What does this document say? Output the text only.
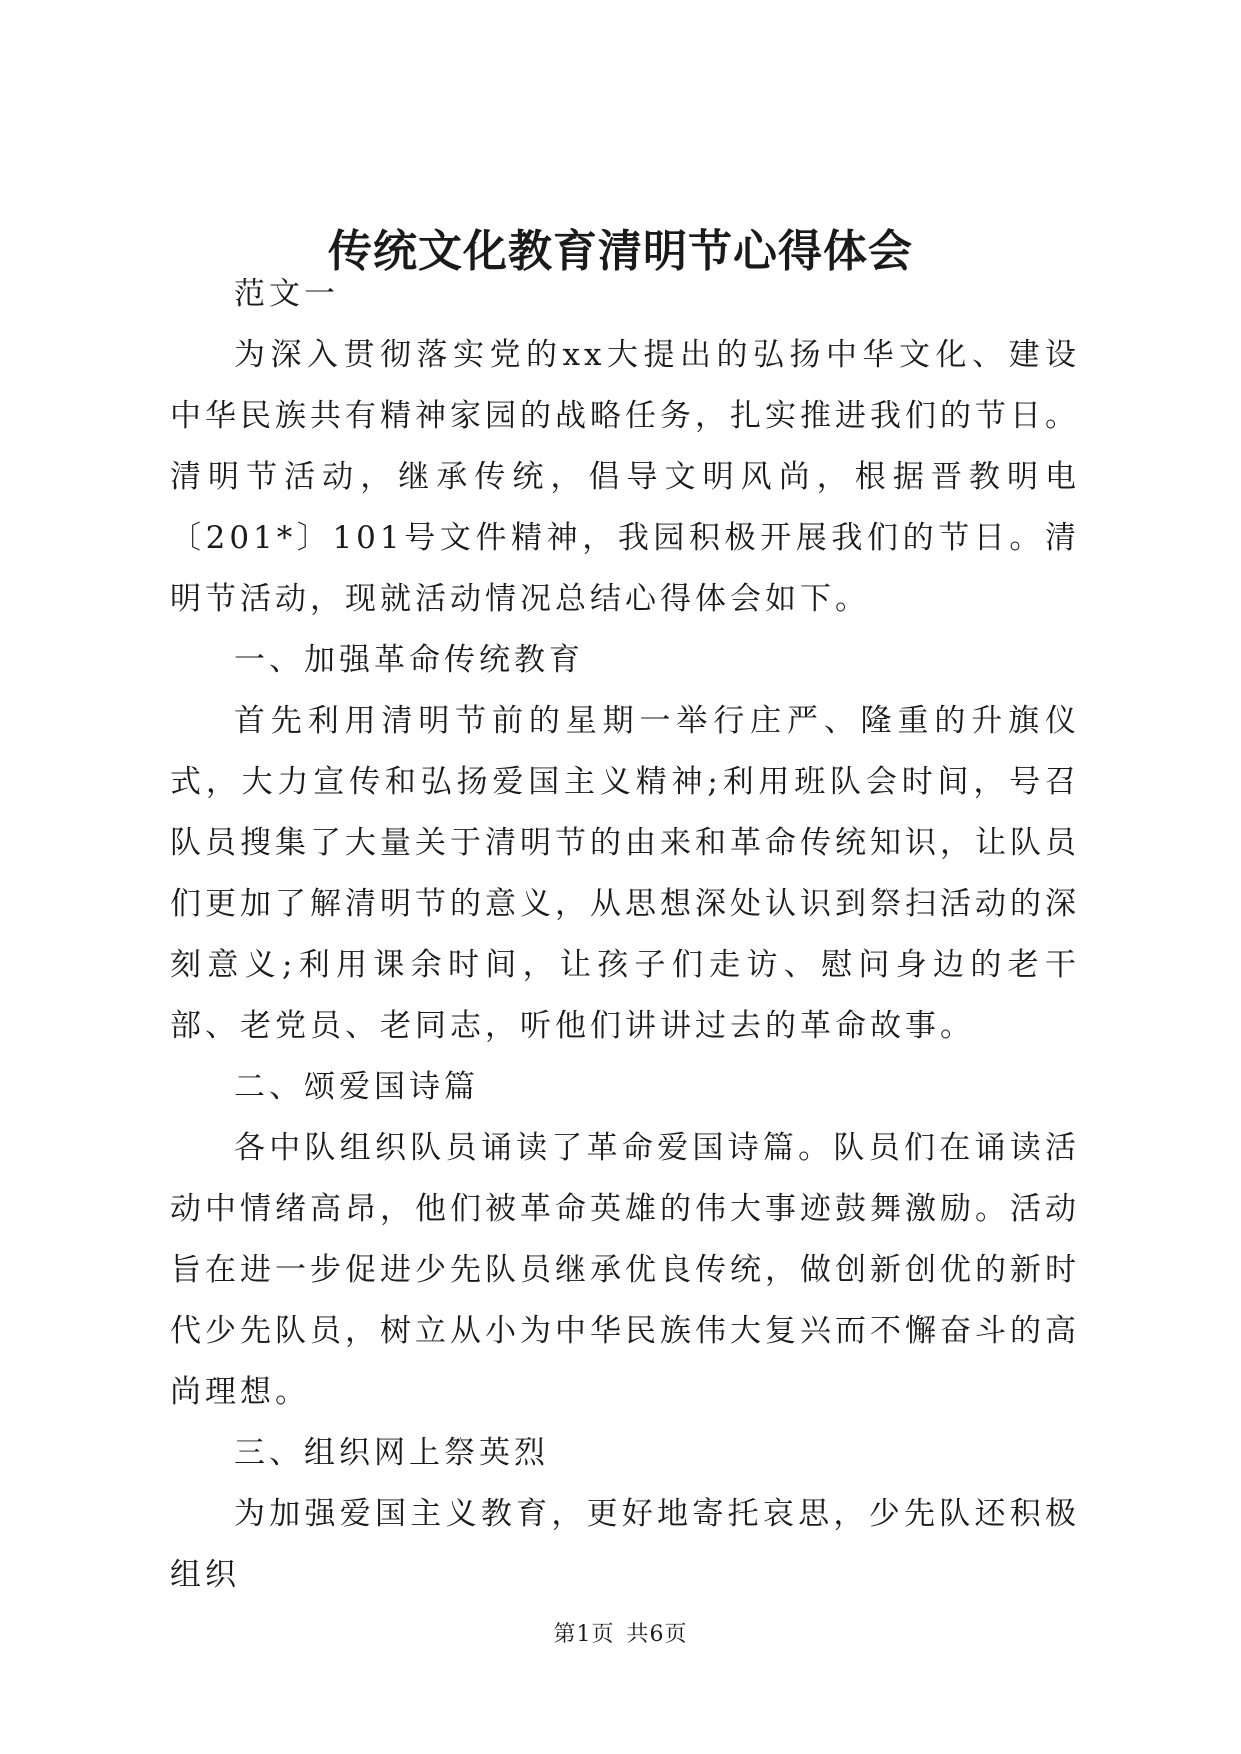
传统文化教育清明节心得体会

范文一

为深入贯彻落实党的xx大提出的弘扬中华文化、建设中华民族共有精神家园的战略任务，扎实推进我们的节日。清明节活动，继承传统，倡导文明风尚，根据晋教明电〔201*〕101号文件精神，我园积极开展我们的节日。清明节活动，现就活动情况总结心得体会如下。

一、加强革命传统教育

首先利用清明节前的星期一举行庄严、隆重的升旗仪式，大力宣传和弘扬爱国主义精神;利用班队会时间，号召队员搜集了大量关于清明节的由来和革命传统知识，让队员们更加了解清明节的意义，从思想深处认识到祭扫活动的深刻意义;利用课余时间，让孩子们走访、慰问身边的老干部、老党员、老同志，听他们讲讲过去的革命故事。

二、颂爱国诗篇

各中队组织队员诵读了革命爱国诗篇。队员们在诵读活动中情绪高昂，他们被革命英雄的伟大事迹鼓舞激励。活动旨在进一步促进少先队员继承优良传统，做创新创优的新时代少先队员，树立从小为中华民族伟大复兴而不懈奋斗的高尚理想。

三、组织网上祭英烈

为加强爱国主义教育，更好地寄托哀思，少先队还积极组织

第1页 共6页
